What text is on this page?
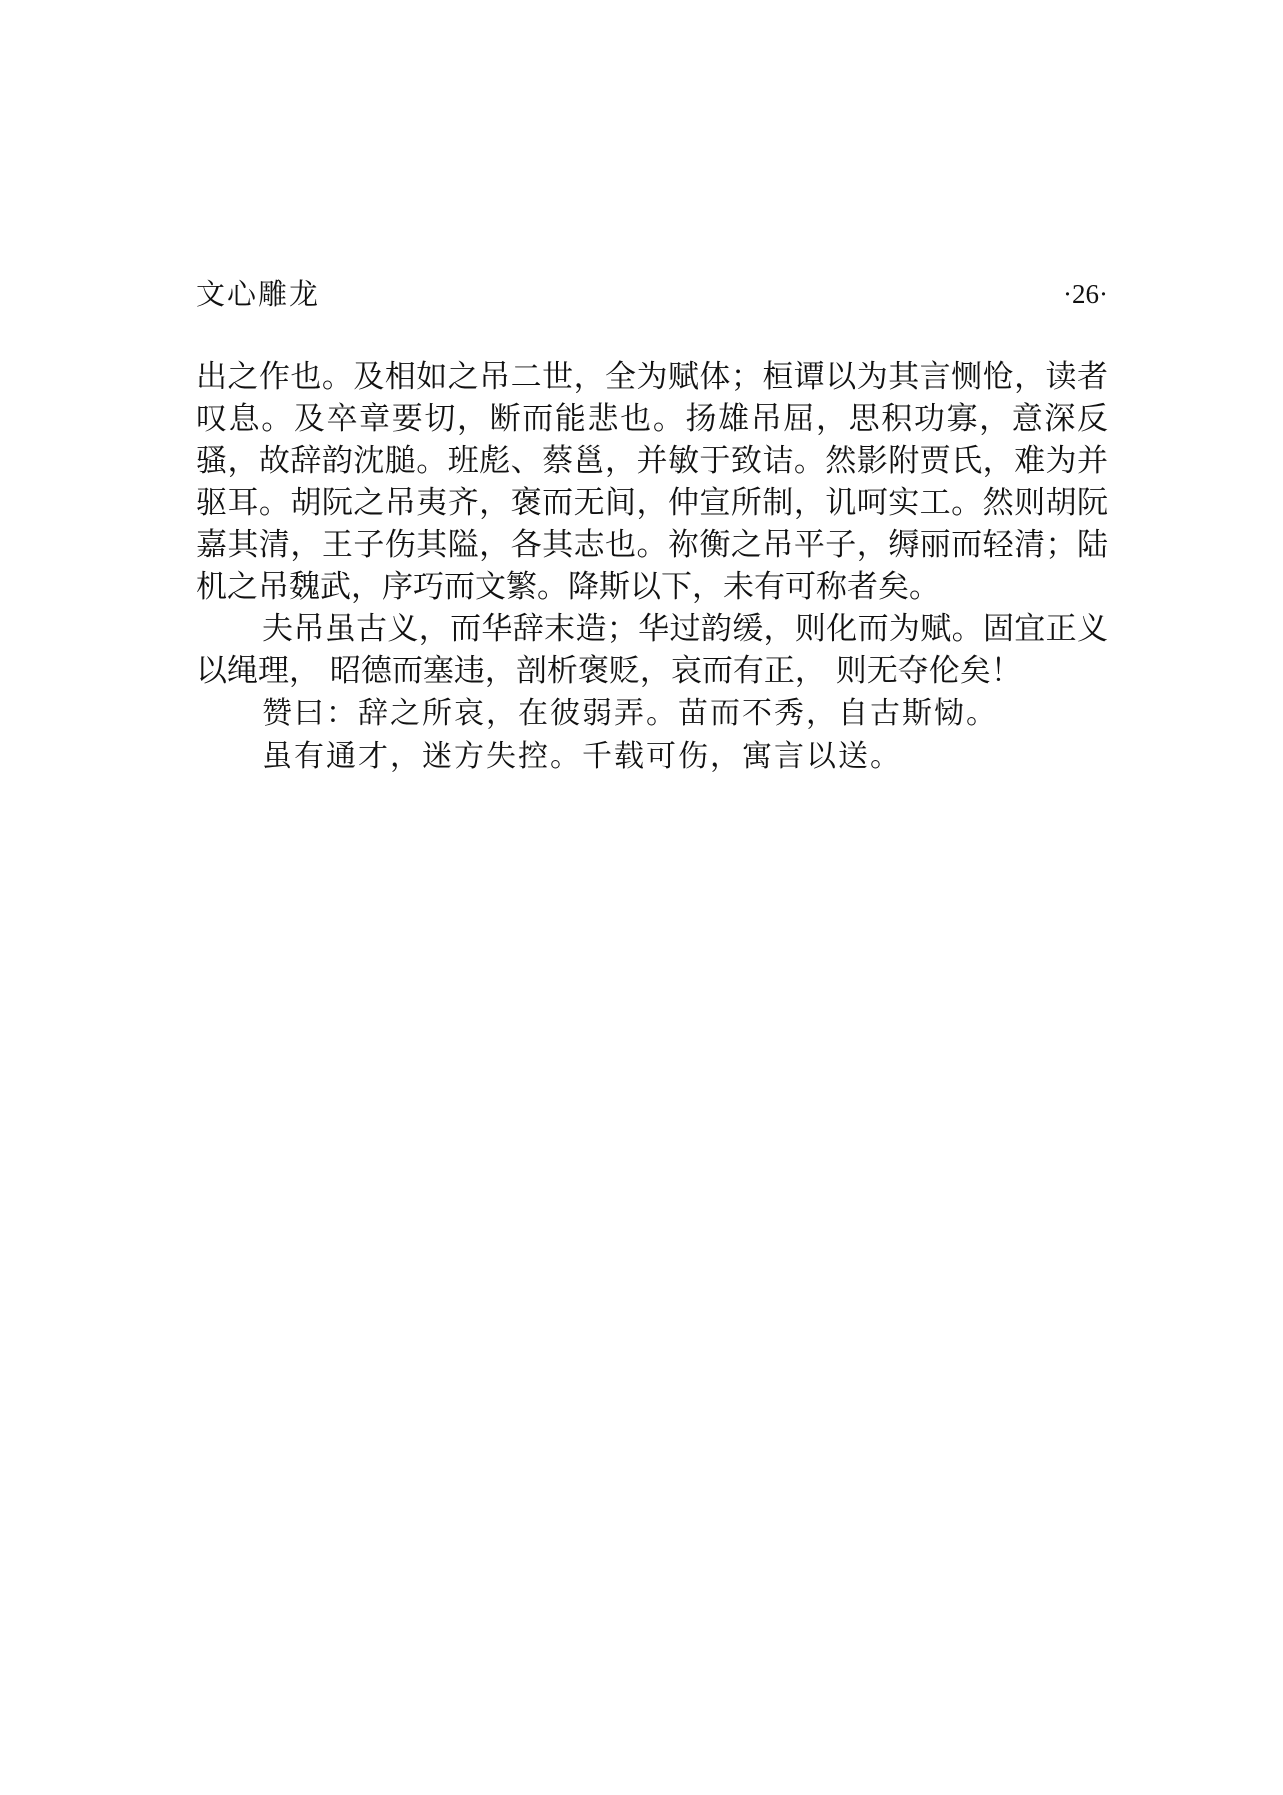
文心雕龙	·26·

出之作也。及相如之吊二世，全为赋体；桓谭以为其言恻怆，读者叹息。及卒章要切，断而能悲也。扬雄吊屈，思积功寡，意深反骚，故辞韵沈膇。班彪、蔡邕，并敏于致诘。然影附贾氏，难为并驱耳。胡阮之吊夷齐，褒而无间，仲宣所制，讥呵实工。然则胡阮嘉其清，王子伤其隘，各其志也。祢衡之吊平子，缛丽而轻清；陆机之吊魏武，序巧而文繁。降斯以下，未有可称者矣。

夫吊虽古义，而华辞末造；华过韵缓，则化而为赋。固宜正义以绳理， 昭德而塞违，剖析褒贬，哀而有正， 则无夺伦矣！

赞曰：辞之所哀，在彼弱弄。苗而不秀，自古斯恸。

虽有通才，迷方失控。千载可伤，寓言以送。
